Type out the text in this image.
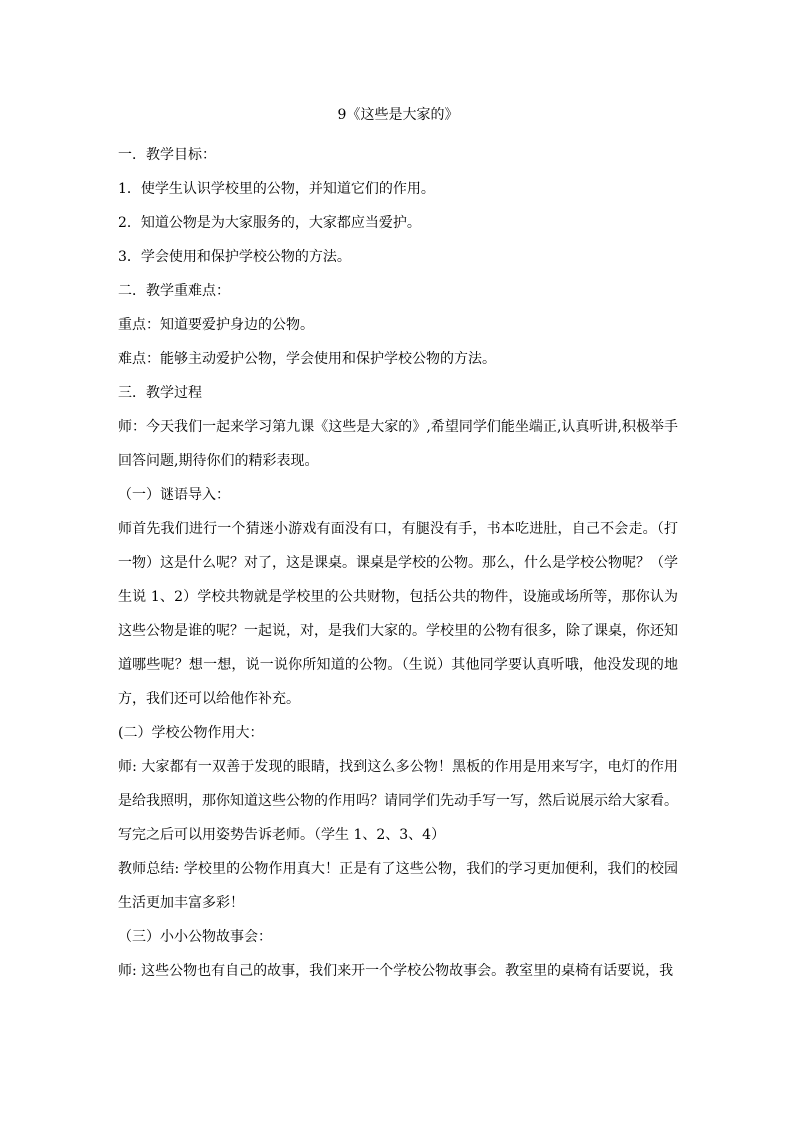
9《这些是大家的》

一．教学目标：

1．使学生认识学校里的公物，并知道它们的作用。

2．知道公物是为大家服务的，大家都应当爱护。

3．学会使用和保护学校公物的方法。

二．教学重难点：

重点：知道要爱护身边的公物。

难点：能够主动爱护公物，学会使用和保护学校公物的方法。

三．教学过程

师：今天我们一起来学习第九课《这些是大家的》,希望同学们能坐端正,认真听讲,积极举手回答问题,期待你们的精彩表现。

（一）谜语导入：

师首先我们进行一个猜迷小游戏有面没有口，有腿没有手，书本吃进肚，自己不会走。（打一物）这是什么呢？对了，这是课桌。课桌是学校的公物。那么，什么是学校公物呢？（学生说 1、2）学校共物就是学校里的公共财物，包括公共的物件，设施或场所等，那你认为这些公物是谁的呢？一起说，对，是我们大家的。学校里的公物有很多，除了课桌，你还知道哪些呢？想一想，说一说你所知道的公物。（生说）其他同学要认真听哦，他没发现的地方，我们还可以给他作补充。

(二）学校公物作用大：

师: 大家都有一双善于发现的眼睛，找到这么多公物！黑板的作用是用来写字，电灯的作用是给我照明，那你知道这些公物的作用吗？请同学们先动手写一写，然后说展示给大家看。写完之后可以用姿势告诉老师。（学生 1、2、3、4）

教师总结: 学校里的公物作用真大！正是有了这些公物，我们的学习更加便利，我们的校园生活更加丰富多彩！

（三）小小公物故事会：

师: 这些公物也有自己的故事，我们来开一个学校公物故事会。教室里的桌椅有话要说，我
